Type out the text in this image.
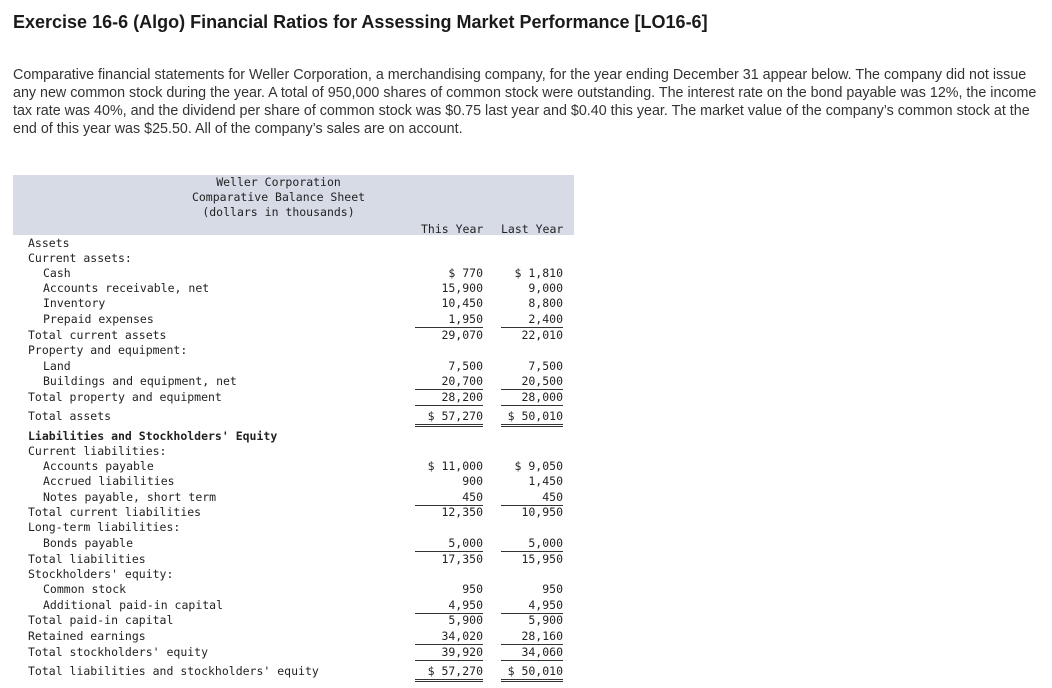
Exercise 16-6 (Algo) Financial Ratios for Assessing Market Performance [LO16-6]

Comparative financial statements for Weller Corporation, a merchandising company, for the year ending December 31 appear below. The company did not issue any new common stock during the year. A total of 950,000 shares of common stock were outstanding. The interest rate on the bond payable was 12%, the income tax rate was 40%, and the dividend per share of common stock was $0.75 last year and $0.40 this year. The market value of the company’s common stock at the end of this year was $25.50. All of the company’s sales are on account.

Weller Corporation
Comparative Balance Sheet
(dollars in thousands)
This Year Last Year
Assets
Current assets:
Cash	$ 770	$ 1,810
Accounts receivable, net	15,900	9,000
Inventory	10,450	8,800
Prepaid expenses	1,950	2,400
Total current assets	29,070	22,010
Property and equipment:
Land	7,500	7,500
Buildings and equipment, net	20,700	20,500
Total property and equipment	28,200	28,000
Total assets	$ 57,270	$ 50,010
Liabilities and Stockholders' Equity
Current liabilities:
Accounts payable	$ 11,000	$ 9,050
Accrued liabilities	900	1,450
Notes payable, short term	450	450
Total current liabilities	12,350	10,950
Long-term liabilities:
Bonds payable	5,000	5,000
Total liabilities	17,350	15,950
Stockholders' equity:
Common stock	950	950
Additional paid-in capital	4,950	4,950
Total paid-in capital	5,900	5,900
Retained earnings	34,020	28,160
Total stockholders' equity	39,920	34,060
Total liabilities and stockholders' equity	$ 57,270	$ 50,010
